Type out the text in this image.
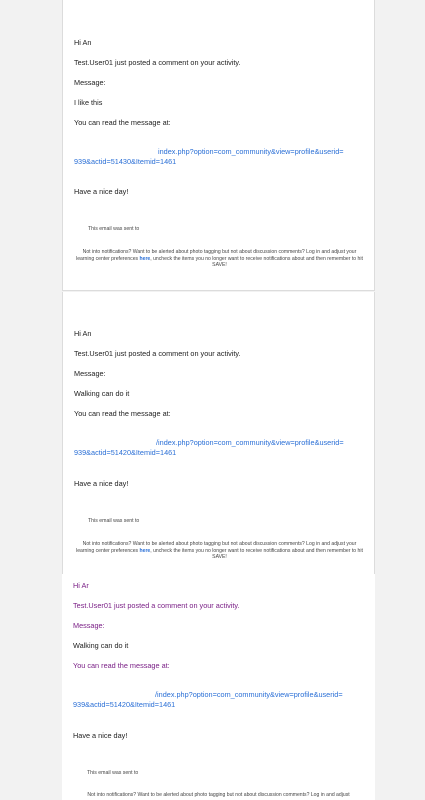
Hi An
Test.User01 just posted a comment on your activity.
Message:
I like this
You can read the message at:
index.php?option=com_community&view=profile&userid=
939&actid=51430&Itemid=1461
Have a nice day!
This email was sent to
Not into notifications? Want to be alerted about photo tagging but not about discussion comments? Log in and adjust your learning center preferences here, uncheck the items you no longer want to receive notifications about and then remember to hit SAVE!
Hi An
Test.User01 just posted a comment on your activity.
Message:
Walking can do it
You can read the message at:
/index.php?option=com_community&view=profile&userid=
939&actid=51420&Itemid=1461
Have a nice day!
This email was sent to
Not into notifications? Want to be alerted about photo tagging but not about discussion comments? Log in and adjust your learning center preferences here, uncheck the items you no longer want to receive notifications about and then remember to hit SAVE!
Hi Ar
Test.User01 just posted a comment on your activity.
Message:
Walking can do it
You can read the message at:
/index.php?option=com_community&view=profile&userid=
939&actid=51420&Itemid=1461
Have a nice day!
This email was sent to
Not into notifications? Want to be alerted about photo tagging but not about discussion comments? Log in and adjust
